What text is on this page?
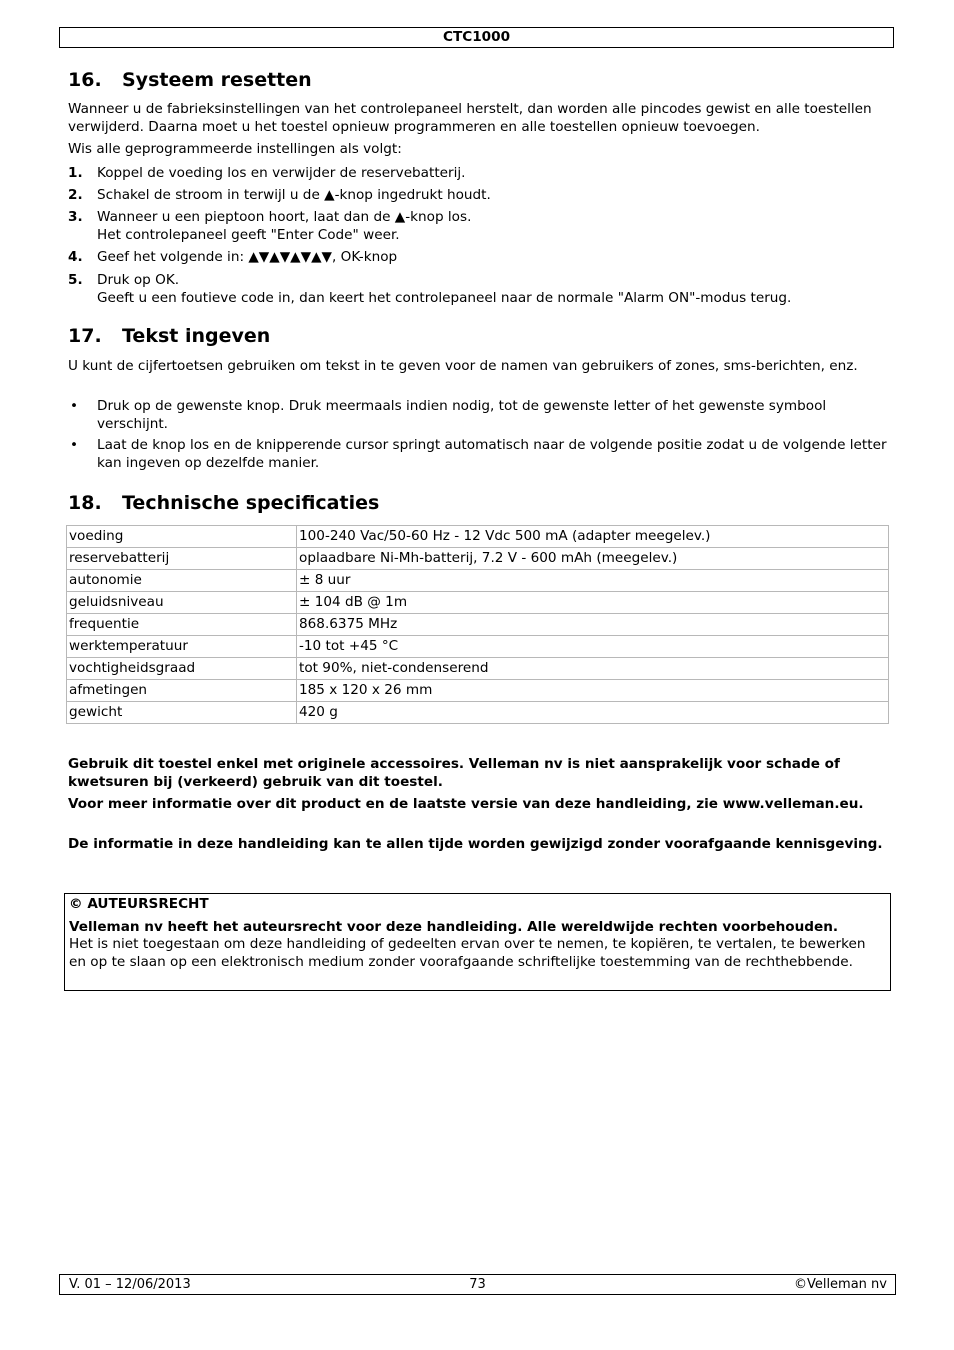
CTC1000
16. Systeem resetten

Wanneer u de fabrieksinstellingen van het controlepaneel herstelt, dan worden alle pincodes gewist en alle toestellen verwijderd. Daarna moet u het toestel opnieuw programmeren en alle toestellen opnieuw toevoegen.

Wis alle geprogrammeerde instellingen als volgt:

1. Koppel de voeding los en verwijder de reservebatterij.
2. Schakel de stroom in terwijl u de ▲-knop ingedrukt houdt.
3. Wanneer u een pieptoon hoort, laat dan de ▲-knop los.
Het controlepaneel geeft "Enter Code" weer.
4. Geef het volgende in: ▲▼▲▼▲▼▲▼, OK-knop
5. Druk op OK.
Geeft u een foutieve code in, dan keert het controlepaneel naar de normale "Alarm ON"-modus terug.
17. Tekst ingeven

U kunt de cijfertoetsen gebruiken om tekst in te geven voor de namen van gebruikers of zones, sms-berichten, enz.

• Druk op de gewenste knop. Druk meermaals indien nodig, tot de gewenste letter of het gewenste symbool verschijnt.
• Laat de knop los en de knipperende cursor springt automatisch naar de volgende positie zodat u de volgende letter kan ingeven op dezelfde manier.
18. Technische specificaties

Gebruik dit toestel enkel met originele accessoires. Velleman nv is niet aansprakelijk voor schade of kwetsuren bij (verkeerd) gebruik van dit toestel.

Voor meer informatie over dit product en de laatste versie van deze handleiding, zie www.velleman.eu.

De informatie in deze handleiding kan te allen tijde worden gewijzigd zonder voorafgaande kennisgeving.

voeding	100-240 Vac/50-60 Hz - 12 Vdc 500 mA (adapter meegelev.)
reservebatterij	oplaadbare Ni-Mh-batterij, 7.2 V - 600 mAh (meegelev.)
autonomie	± 8 uur
geluidsniveau	± 104 dB @ 1m
frequentie	868.6375 MHz
werktemperatuur	-10 tot +45 °C
vochtigheidsgraad	tot 90%, niet-condenserend
afmetingen	185 x 120 x 26 mm
gewicht	420 g
© AUTEURSRECHT
Velleman nv heeft het auteursrecht voor deze handleiding. Alle wereldwijde rechten voorbehouden.
Het is niet toegestaan om deze handleiding of gedeelten ervan over te nemen, te kopiëren, te vertalen, te bewerken en op te slaan op een elektronisch medium zonder voorafgaande schriftelijke toestemming van de rechthebbende.
V. 01 – 12/06/2013	73	©Velleman nv
